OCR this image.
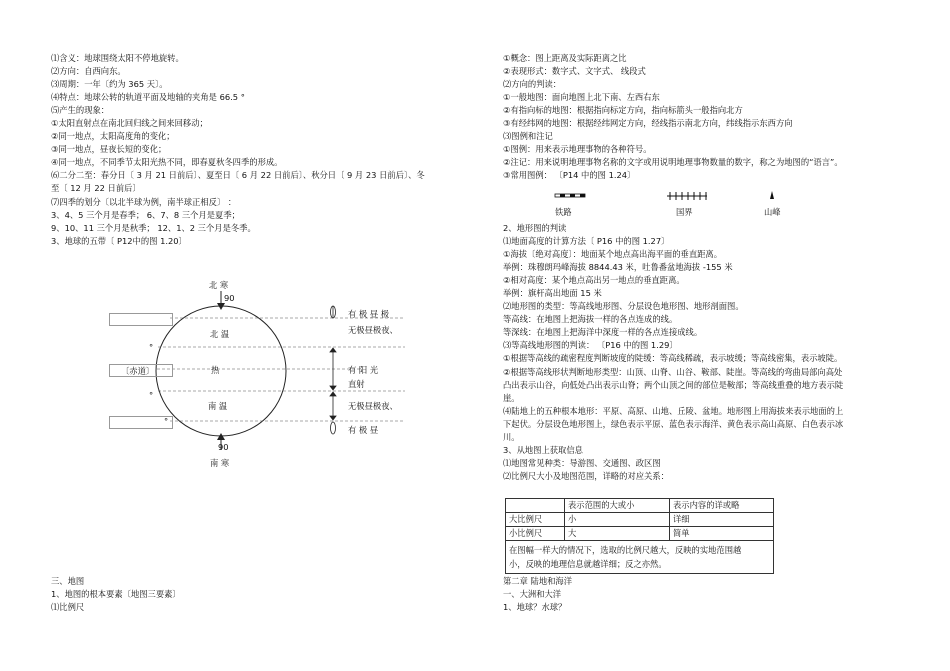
⑴含义：地球围绕太阳不停地旋转。
⑵方向：自西向东。
⑶周期：一年〔约为 365 天〕。
⑷特点：地球公转的轨道平面及地轴的夹角是 66.5 °
⑸产生的现象：
①太阳直射点在南北回归线之间来回移动；
②同一地点，太阳高度角的变化；
③同一地点，昼夜长短的变化；
④同一地点，不同季节太阳光热不同，即春夏秋冬四季的形成。
⑹二分二至：春分日〔 3 月 21 日前后〕、夏至日〔 6 月 22 日前后〕、秋分日〔 9 月 23 日前后〕、冬
至〔 12 月 22 日前后〕
⑺四季的划分〔以北半球为例，南半球正相反〕 ：
3、4、5 三个月是春季； 6、7、8 三个月是夏季；
9、10、11 三个月是秋季； 12、1、2 三个月是冬季。
3、地球的五带〔 P12中的图 1.20〕
北 寒
90
北 温
热
南 温
90
南 寒
°
〔赤道〕
°
°
有 极 昼 极
无极昼极夜、
有 阳 光
直射
无极昼极夜、
有 极 昼
三、地图
1、地图的根本要素〔地图三要素〕
⑴比例尺
①概念：图上距离及实际距离之比
②表现形式：数字式、文字式、 线段式
⑵方向的判读：
①一般地图：面向地图上北下南、左西右东
②有指向标的地图：根据指向标定方向，指向标箭头一般指向北方
③有经纬网的地图：根据经纬网定方向，经线指示南北方向，纬线指示东西方向
⑶图例和注记
①图例：用来表示地理事物的各种符号。
②注记：用来说明地理事物名称的文字或用说明地理事物数量的数字，称之为地图的“语言”。
③常用图例： 〔P14 中的图 1.24〕
铁路	国界	山峰
2、地形图的判读
⑴地面高度的计算方法〔 P16 中的图 1.27〕
①海拔〔绝对高度〕：地面某个地点高出海平面的垂直距离。
举例：珠穆朗玛峰海拔 8844.43 米，吐鲁番盆地海拔 -155 米
②相对高度：某个地点高出另一地点的垂直距离。
举例：旗杆高出地面 15 米
⑵地形图的类型：等高线地形图、分层设色地形图、地形剖面图。
等高线：在地图上把海拔一样的各点连成的线。
等深线：在地图上把海洋中深度一样的各点连接成线。
⑶等高线地形图的判读： 〔P16 中的图 1.29〕
①根据等高线的疏密程度判断坡度的陡缓：等高线稀疏，表示坡缓；等高线密集，表示坡陡。
②根据等高线形状判断地形类型：山顶、山脊、山谷、鞍部、陡崖。等高线的弯曲局部向高处
凸出表示山谷，向低处凸出表示山脊；两个山顶之间的部位是鞍部；等高线重叠的地方表示陡
崖。
⑷陆地上的五种根本地形：平原、高原、山地、丘陵、盆地。地形图上用海拔来表示地面的上
下起伏。分层设色地形图上，绿色表示平原、蓝色表示海洋、黄色表示高山高原、白色表示冰
川。
3、从地图上获取信息
⑴地图常见种类：导游图、交通图、政区图
⑵比例尺大小及地图范围，详略的对应关系：
	表示范围的大或小	表示内容的详或略
大比例尺	小	详细
小比例尺	大	简单

在图幅一样大的情况下，选取的比例尺越大，反映的实地范围越
小，反映的地理信息就越详细；反之亦然。		
第二章 陆地和海洋
一、大洲和大洋
1、地球？水球？
